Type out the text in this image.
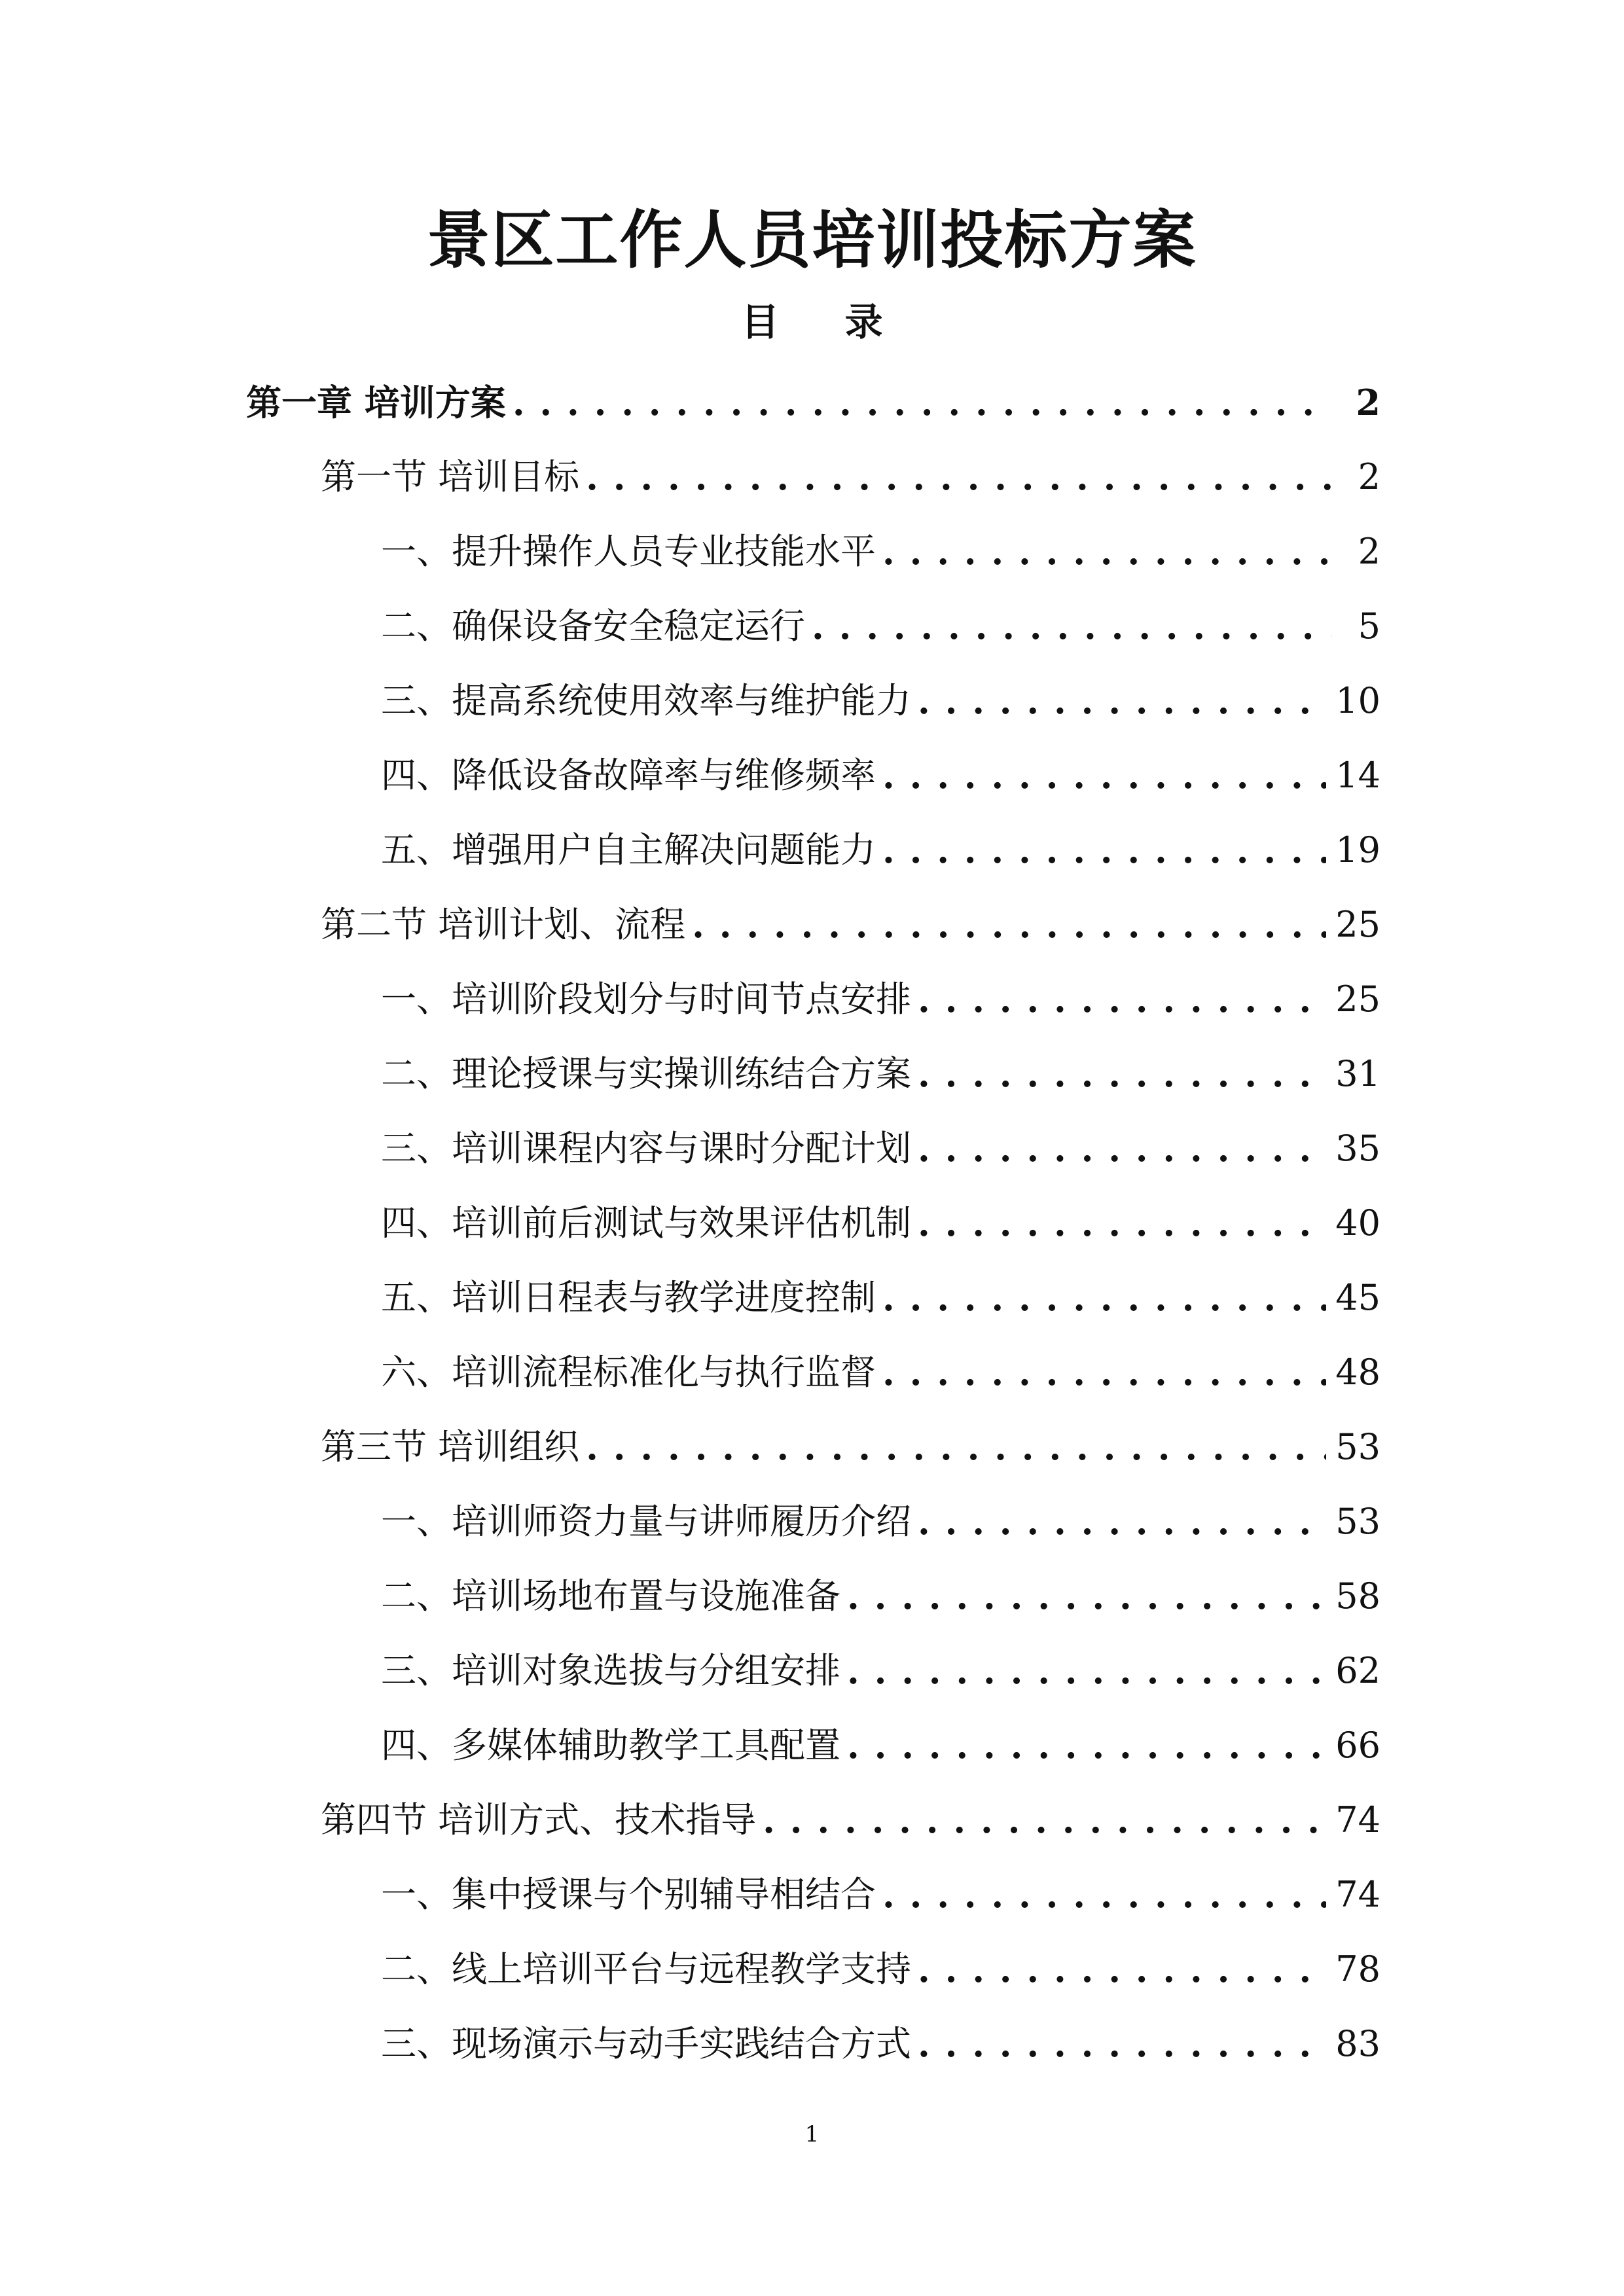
景区工作人员培训投标方案
目 录
第一章 培训方案 . . .	2
第一节 培训目标 . . .	2
一、提升操作人员专业技能水平 . . .	2
二、确保设备安全稳定运行 . . .	5
三、提高系统使用效率与维护能力 . . .	10
四、降低设备故障率与维修频率 . . .	14
五、增强用户自主解决问题能力 . . .	19
第二节 培训计划、流程 . . .	25
一、培训阶段划分与时间节点安排 . . .	25
二、理论授课与实操训练结合方案 . . .	31
三、培训课程内容与课时分配计划 . . .	35
四、培训前后测试与效果评估机制 . . .	40
五、培训日程表与教学进度控制 . . .	45
六、培训流程标准化与执行监督 . . .	48
第三节 培训组织 . . .	53
一、培训师资力量与讲师履历介绍 . . .	53
二、培训场地布置与设施准备 . . .	58
三、培训对象选拔与分组安排 . . .	62
四、多媒体辅助教学工具配置 . . .	66
第四节 培训方式、技术指导 . . .	74
一、集中授课与个别辅导相结合 . . .	74
二、线上培训平台与远程教学支持 . . .	78
三、现场演示与动手实践结合方式 . . .	83
1
